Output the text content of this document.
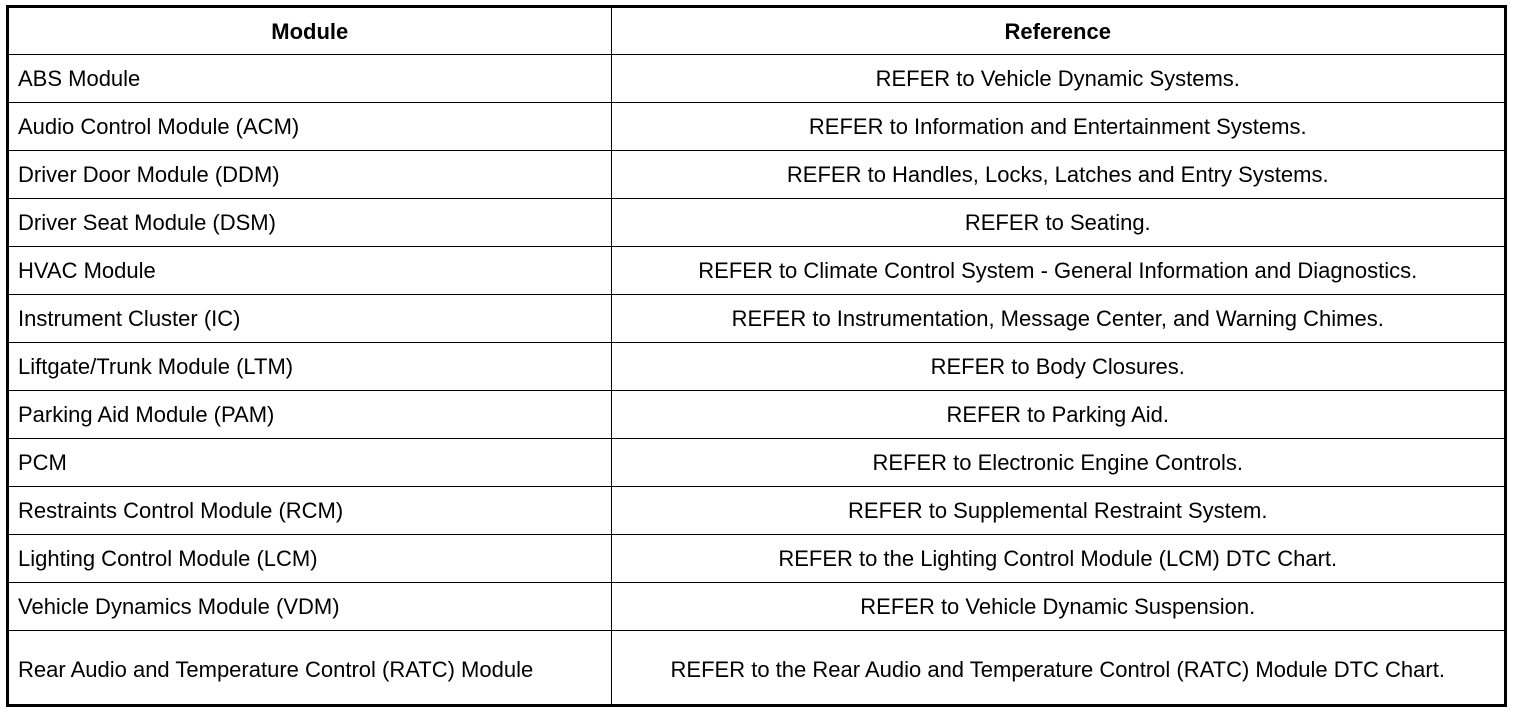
Module	Reference
ABS Module	REFER to Vehicle Dynamic Systems.
Audio Control Module (ACM)	REFER to Information and Entertainment Systems.
Driver Door Module (DDM)	REFER to Handles, Locks, Latches and Entry Systems.
Driver Seat Module (DSM)	REFER to Seating.
HVAC Module	REFER to Climate Control System - General Information and Diagnostics.
Instrument Cluster (IC)	REFER to Instrumentation, Message Center, and Warning Chimes.
Liftgate/Trunk Module (LTM)	REFER to Body Closures.
Parking Aid Module (PAM)	REFER to Parking Aid.
PCM	REFER to Electronic Engine Controls.
Restraints Control Module (RCM)	REFER to Supplemental Restraint System.
Lighting Control Module (LCM)	REFER to the Lighting Control Module (LCM) DTC Chart.
Vehicle Dynamics Module (VDM)	REFER to Vehicle Dynamic Suspension.
Rear Audio and Temperature Control (RATC) Module	REFER to the Rear Audio and Temperature Control (RATC) Module DTC Chart.
